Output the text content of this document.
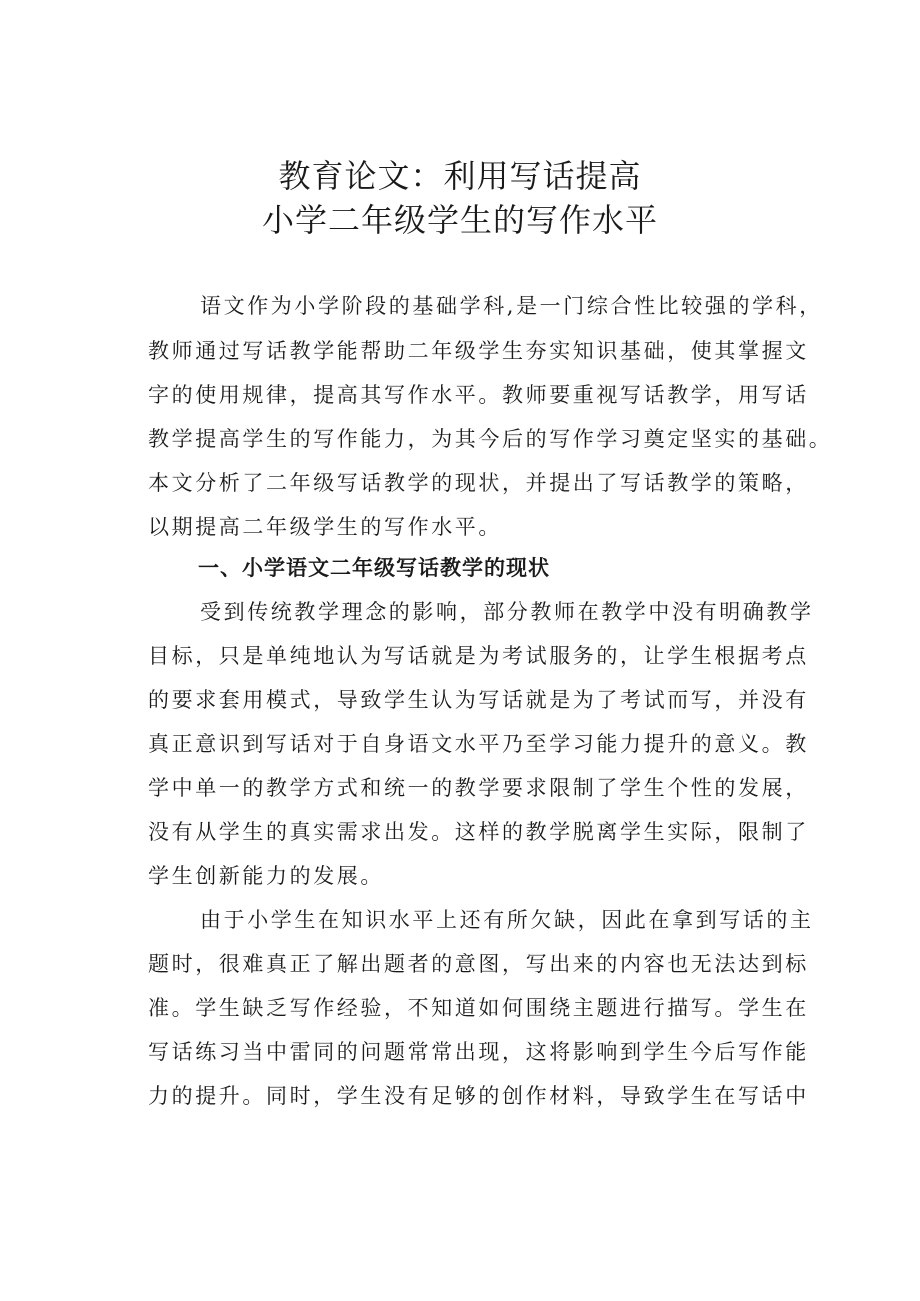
教育论文：利用写话提高
小学二年级学生的写作水平
语文作为小学阶段的基础学科,是一门综合性比较强的学科，
教师通过写话教学能帮助二年级学生夯实知识基础，使其掌握文
字的使用规律，提高其写作水平。教师要重视写话教学，用写话
教学提高学生的写作能力，为其今后的写作学习奠定坚实的基础。
本文分析了二年级写话教学的现状，并提出了写话教学的策略，
以期提高二年级学生的写作水平。
一、小学语文二年级写话教学的现状
受到传统教学理念的影响，部分教师在教学中没有明确教学
目标，只是单纯地认为写话就是为考试服务的，让学生根据考点
的要求套用模式，导致学生认为写话就是为了考试而写，并没有
真正意识到写话对于自身语文水平乃至学习能力提升的意义。教
学中单一的教学方式和统一的教学要求限制了学生个性的发展，
没有从学生的真实需求出发。这样的教学脱离学生实际，限制了
学生创新能力的发展。
由于小学生在知识水平上还有所欠缺，因此在拿到写话的主
题时，很难真正了解出题者的意图，写出来的内容也无法达到标
准。学生缺乏写作经验，不知道如何围绕主题进行描写。学生在
写话练习当中雷同的问题常常出现，这将影响到学生今后写作能
力的提升。同时，学生没有足够的创作材料，导致学生在写话中
